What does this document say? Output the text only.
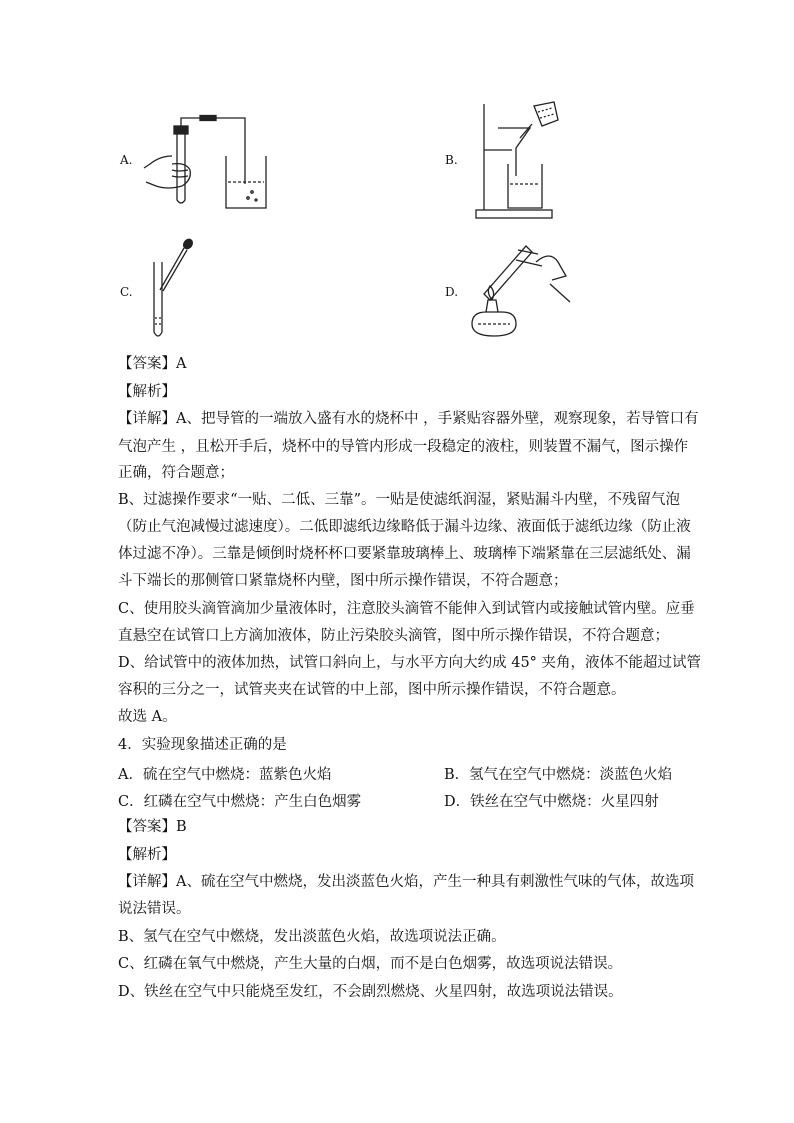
A.	B.
C.	D.
【答案】A
【解析】
【详解】A、把导管的一端放入盛有水的烧杯中 ，手紧贴容器外壁，观察现象，若导管口有
气泡产生 ，且松开手后，烧杯中的导管内形成一段稳定的液柱，则装置不漏气，图示操作
正确，符合题意；
B、过滤操作要求“一贴、二低、三靠”。一贴是使滤纸润湿，紧贴漏斗内壁，不残留气泡
（防止气泡减慢过滤速度）。二低即滤纸边缘略低于漏斗边缘、液面低于滤纸边缘（防止液
体过滤不净）。三靠是倾倒时烧杯杯口要紧靠玻璃棒上、玻璃棒下端紧靠在三层滤纸处、漏
斗下端长的那侧管口紧靠烧杯内壁，图中所示操作错误，不符合题意；
C、使用胶头滴管滴加少量液体时，注意胶头滴管不能伸入到试管内或接触试管内壁。应垂
直悬空在试管口上方滴加液体，防止污染胶头滴管，图中所示操作错误，不符合题意；
D、给试管中的液体加热，试管口斜向上，与水平方向大约成 45° 夹角，液体不能超过试管
容积的三分之一，试管夹夹在试管的中上部，图中所示操作错误，不符合题意。
故选 A。
4．实验现象描述正确的是
A．硫在空气中燃烧：蓝紫色火焰	B．氢气在空气中燃烧：淡蓝色火焰
C．红磷在空气中燃烧：产生白色烟雾	D．铁丝在空气中燃烧：火星四射
【答案】B
【解析】
【详解】A、硫在空气中燃烧，发出淡蓝色火焰，产生一种具有刺激性气味的气体，故选项
说法错误。
B、氢气在空气中燃烧，发出淡蓝色火焰，故选项说法正确。
C、红磷在氧气中燃烧，产生大量的白烟，而不是白色烟雾，故选项说法错误。
D、铁丝在空气中只能烧至发红，不会剧烈燃烧、火星四射，故选项说法错误。
